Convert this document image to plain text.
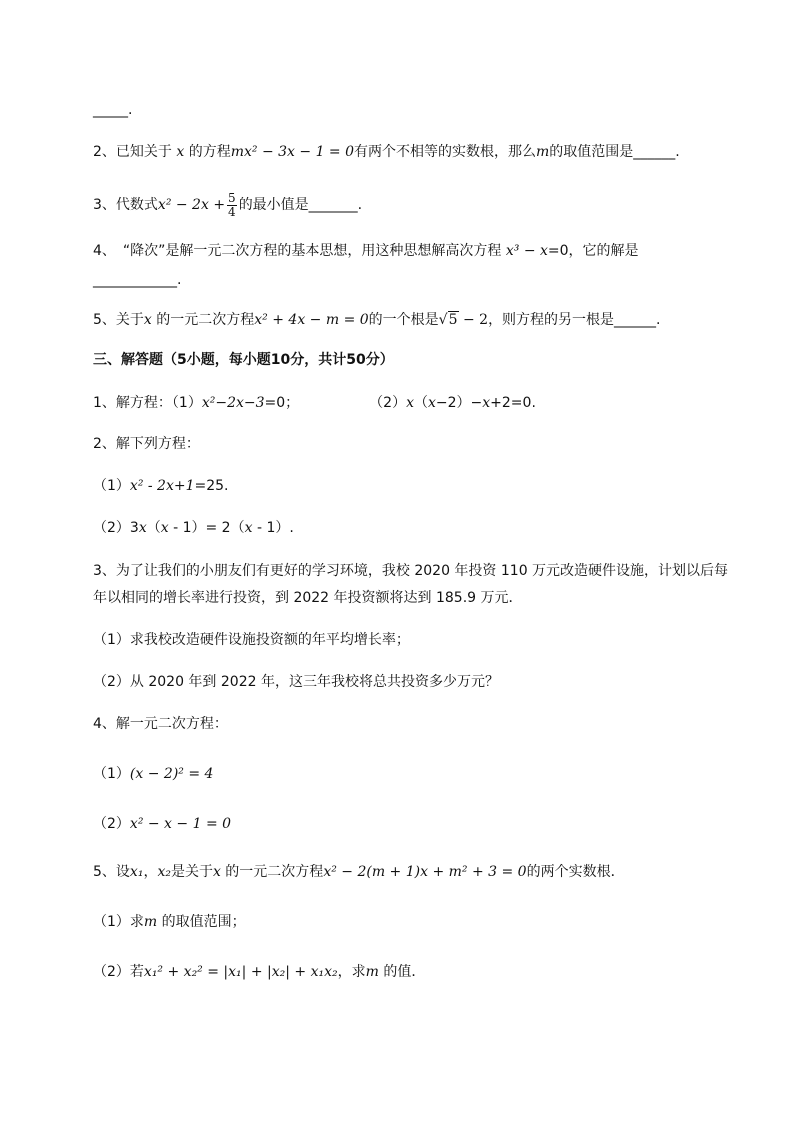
_____.
2、已知关于 x 的方程mx² − 3x − 1 = 0有两个不相等的实数根，那么m的取值范围是______.
3、代数式$x^2 - 2x + \frac{5}{4}$ 的最小值是_______.
4、　“降次”是解一元二次方程的基本思想，用这种思想解高次方程 x³ − x=0，它的解是
____________.
5、关于x 的一元二次方程x² + 4x − m = 0的一个根是√5 − 2，则方程的另一根是______.
三、解答题（5小题，每小题10分，共计50分）
1、解方程：（1）x²−2x−3=0；	（2）x（x−2）−x+2=0.
2、解下列方程：
（1）x² - 2x+1=25.
（2）3x（x - 1）= 2（x - 1）.
3、为了让我们的小朋友们有更好的学习环境，我校 2020 年投资 110 万元改造硬件设施，计划以后每
年以相同的增长率进行投资，到 2022 年投资额将达到 185.9 万元．
（1）求我校改造硬件设施投资额的年平均增长率；
（2）从 2020 年到 2022 年，这三年我校将总共投资多少万元？
4、解一元二次方程：
（1）(x − 2)² = 4
（2）x² − x − 1 = 0
5、设x₁，x₂是关于x 的一元二次方程x² − 2(m + 1)x + m² + 3 = 0的两个实数根．
（1）求m 的取值范围；
（2）若x₁² + x₂² = |x₁| + |x₂| + x₁x₂，求m 的值．
